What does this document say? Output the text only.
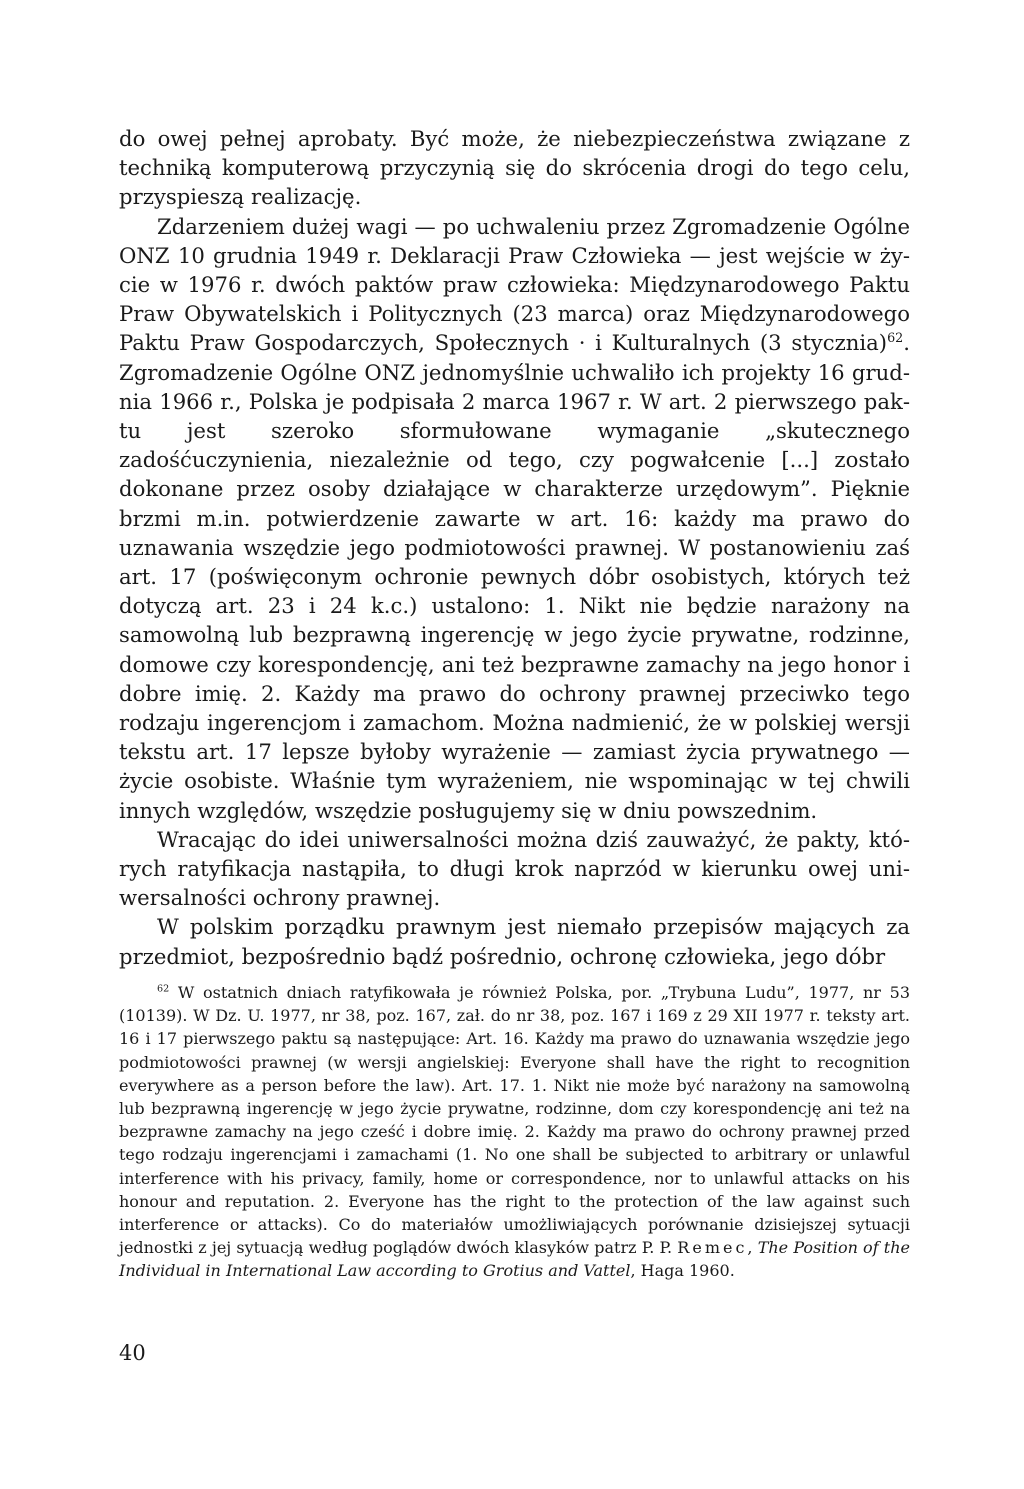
do owej pełnej aprobaty. Być może, że niebezpieczeństwa związane z techniką komputerową przyczynią się do skrócenia drogi do tego celu, przyspieszą realizację.

Zdarzeniem dużej wagi — po uchwaleniu przez Zgromadzenie Ogólne ONZ 10 grudnia 1949 r. Deklaracji Praw Człowieka — jest wejście w życie w 1976 r. dwóch paktów praw człowieka: Międzynarodowego Paktu Praw Obywatelskich i Politycznych (23 marca) oraz Międzynarodowego Paktu Praw Gospodarczych, Społecznych · i Kulturalnych (3 stycznia)$^{62}$. Zgromadzenie Ogólne ONZ jednomyślnie uchwaliło ich projekty 16 grudnia 1966 r., Polska je podpisała 2 marca 1967 r. W art. 2 pierwszego paktu jest szeroko sformułowane wymaganie „skutecznego zadośćuczynienia, niezależnie od tego, czy pogwałcenie [...] zostało dokonane przez osoby działające w charakterze urzędowym”. Pięknie brzmi m.in. potwierdzenie zawarte w art. 16: każdy ma prawo do uznawania wszędzie jego podmiotowości prawnej. W postanowieniu zaś art. 17 (poświęconym ochronie pewnych dóbr osobistych, których też dotyczą art. 23 i 24 k.c.) ustalono: 1. Nikt nie będzie narażony na samowolną lub bezprawną ingerencję w jego życie prywatne, rodzinne, domowe czy korespondencję, ani też bezprawne zamachy na jego honor i dobre imię. 2. Każdy ma prawo do ochrony prawnej przeciwko tego rodzaju ingerencjom i zamachom. Można nadmienić, że w polskiej wersji tekstu art. 17 lepsze byłoby wyrażenie — zamiast życia prywatnego — życie osobiste. Właśnie tym wyrażeniem, nie wspominając w tej chwili innych względów, wszędzie posługujemy się w dniu powszednim.

Wracając do idei uniwersalności można dziś zauważyć, że pakty, których ratyfikacja nastąpiła, to długi krok naprzód w kierunku owej uniwersalności ochrony prawnej.

W polskim porządku prawnym jest niemało przepisów mających za przedmiot, bezpośrednio bądź pośrednio, ochronę człowieka, jego dóbr

$^{62}$ W ostatnich dniach ratyfikowała je również Polska, por. „Trybuna Ludu”, 1977, nr 53 (10139). W Dz. U. 1977, nr 38, poz. 167, zał. do nr 38, poz. 167 i 169 z 29 XII 1977 r. teksty art. 16 i 17 pierwszego paktu są następujące: Art. 16. Każdy ma prawo do uznawania wszędzie jego podmiotowości prawnej (w wersji angielskiej: Everyone shall have the right to recognition everywhere as a person before the law). Art. 17. 1. Nikt nie może być narażony na samowolną lub bezprawną ingerencję w jego życie prywatne, rodzinne, dom czy korespondencję ani też na bezprawne zamachy na jego cześć i dobre imię. 2. Każdy ma prawo do ochrony prawnej przed tego rodzaju ingerencjami i zamachami (1. No one shall be subjected to arbitrary or unlawful interference with his privacy, family, home or correspondence, nor to unlawful attacks on his honour and reputation. 2. Everyone has the right to the protection of the law against such interference or attacks). Co do materiałów umożliwiających porównanie dzisiejszej sytuacji jednostki z jej sytuacją według poglądów dwóch klasyków patrz P. P. Remec, The Position of the Individual in International Law according to Grotius and Vattel, Haga 1960.

40
